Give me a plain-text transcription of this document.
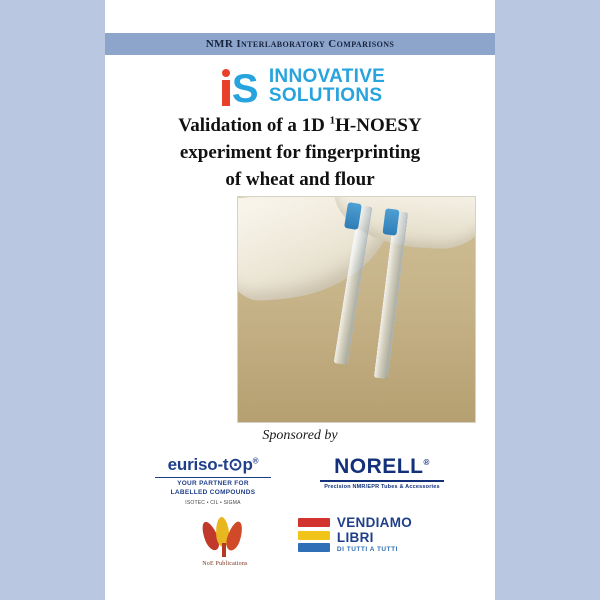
NMR Interlaboratory Comparisons
S INNOVATIVE
SOLUTIONS
Validation of a 1D $^1$H-NOESY
experiment for fingerprinting
of wheat and flour
Sponsored by
euriso-t⊙p®
YOUR PARTNER FOR
LABELLED COMPOUNDS
ISOTEC • CIL • SIGMA
NORELL®
Precision NMR/EPR Tubes & Accessories
NoE Publications
VENDIAMO
LIBRI
DI TUTTI A TUTTI
